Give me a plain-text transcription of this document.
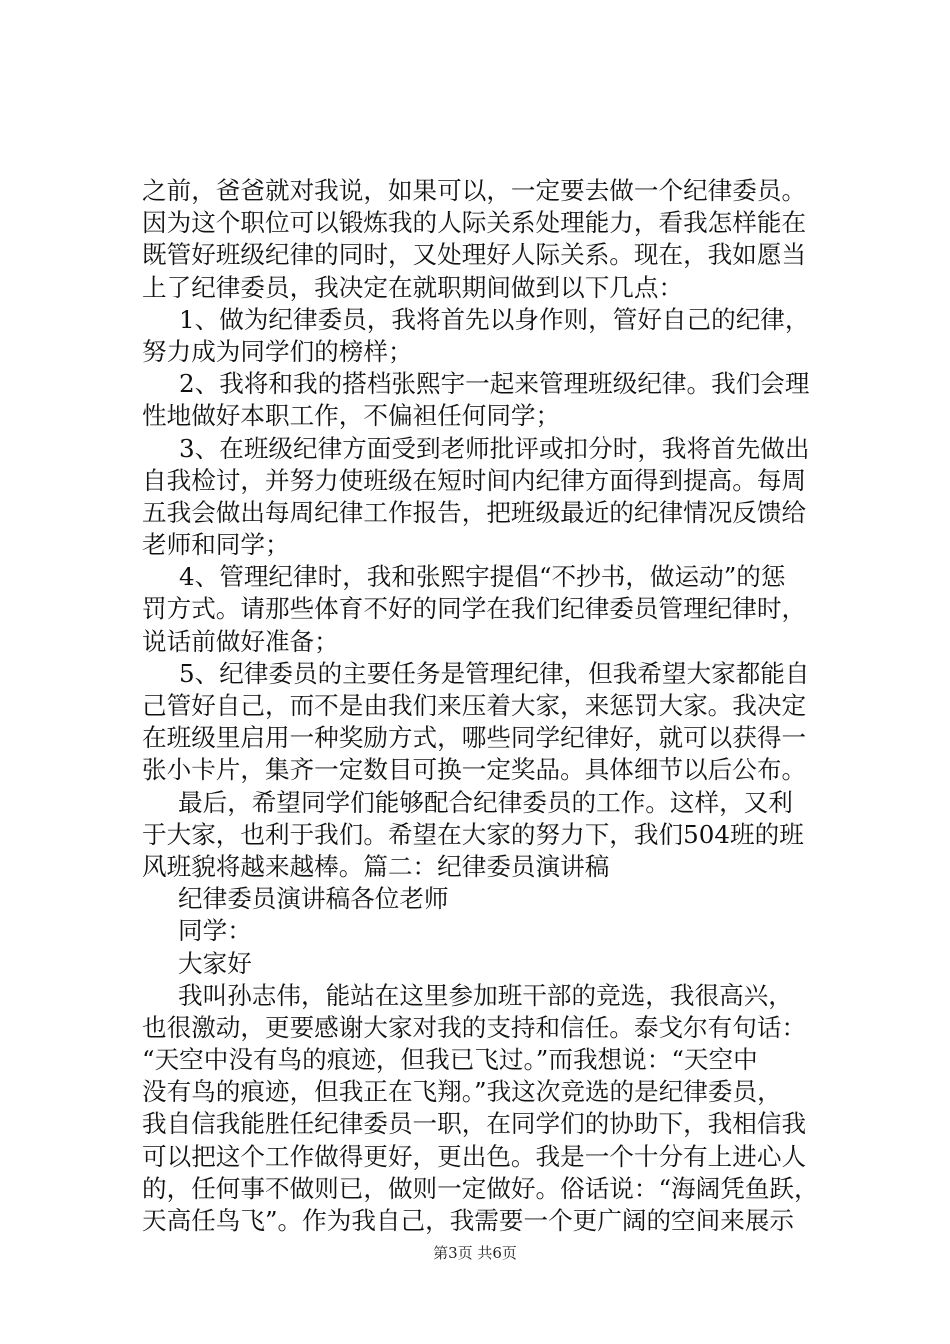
之前，爸爸就对我说，如果可以，一定要去做一个纪律委员。
因为这个职位可以锻炼我的人际关系处理能力，看我怎样能在
既管好班级纪律的同时，又处理好人际关系。现在，我如愿当
上了纪律委员，我决定在就职期间做到以下几点：
1、做为纪律委员，我将首先以身作则，管好自己的纪律，
努力成为同学们的榜样；
2、我将和我的搭档张熙宇一起来管理班级纪律。我们会理
性地做好本职工作，不偏袒任何同学；
3、在班级纪律方面受到老师批评或扣分时，我将首先做出
自我检讨，并努力使班级在短时间内纪律方面得到提高。每周
五我会做出每周纪律工作报告，把班级最近的纪律情况反馈给
老师和同学；
4、管理纪律时，我和张熙宇提倡“不抄书，做运动”的惩
罚方式。请那些体育不好的同学在我们纪律委员管理纪律时，
说话前做好准备；
5、纪律委员的主要任务是管理纪律，但我希望大家都能自
己管好自己，而不是由我们来压着大家，来惩罚大家。我决定
在班级里启用一种奖励方式，哪些同学纪律好，就可以获得一
张小卡片，集齐一定数目可换一定奖品。具体细节以后公布。
最后，希望同学们能够配合纪律委员的工作。这样，又利
于大家，也利于我们。希望在大家的努力下，我们504班的班
风班貌将越来越棒。篇二：纪律委员演讲稿
纪律委员演讲稿各位老师
同学：
大家好
我叫孙志伟，能站在这里参加班干部的竞选，我很高兴，
也很激动，更要感谢大家对我的支持和信任。泰戈尔有句话：
“天空中没有鸟的痕迹，但我已飞过。”而我想说：“天空中
没有鸟的痕迹，但我正在飞翔。”我这次竞选的是纪律委员，
我自信我能胜任纪律委员一职，在同学们的协助下，我相信我
可以把这个工作做得更好，更出色。我是一个十分有上进心人
的，任何事不做则已，做则一定做好。俗话说：“海阔凭鱼跃，
天高任鸟飞”。作为我自己，我需要一个更广阔的空间来展示
第3页 共6页
